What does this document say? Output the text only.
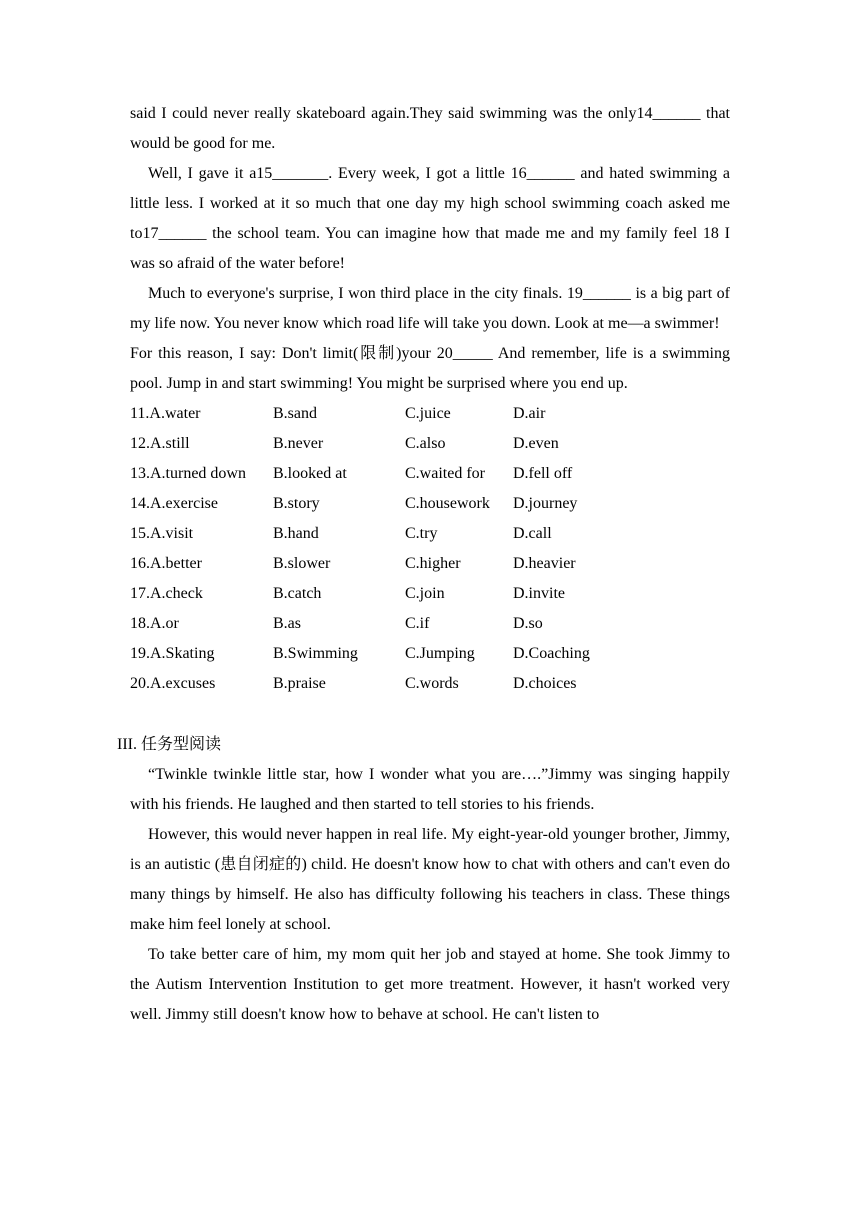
said I could never really skateboard again.They said swimming was the only14______ that would be good for me.

Well, I gave it a15_______. Every week, I got a little 16______ and hated swimming a little less. I worked at it so much that one day my high school swimming coach asked me to17______ the school team. You can imagine how that made me and my family feel 18 I was so afraid of the water before!

Much to everyone's surprise, I won third place in the city finals. 19______ is a big part of my life now. You never know which road life will take you down. Look at me—a swimmer!

For this reason, I say: Don't limit(限制)your 20_____ And remember, life is a swimming pool. Jump in and start swimming! You might be surprised where you end up.

11.A.water	B.sand	C.juice	D.air
12.A.still	B.never	C.also	D.even
13.A.turned down	B.looked at	C.waited for	D.fell off
14.A.exercise	B.story	C.housework	D.journey
15.A.visit	B.hand	C.try	D.call
16.A.better	B.slower	C.higher	D.heavier
17.A.check	B.catch	C.join	D.invite
18.A.or	B.as	C.if	D.so
19.A.Skating	B.Swimming	C.Jumping	D.Coaching
20.A.excuses	B.praise	C.words	D.choices
III. 任务型阅读

“Twinkle twinkle little star, how I wonder what you are….”Jimmy was singing happily with his friends. He laughed and then started to tell stories to his friends.

However, this would never happen in real life. My eight-year-old younger brother, Jimmy, is an autistic (患自闭症的) child. He doesn't know how to chat with others and can't even do many things by himself. He also has difficulty following his teachers in class. These things make him feel lonely at school.

To take better care of him, my mom quit her job and stayed at home. She took Jimmy to the Autism Intervention Institution to get more treatment. However, it hasn't worked very well. Jimmy still doesn't know how to behave at school. He can't listen to
